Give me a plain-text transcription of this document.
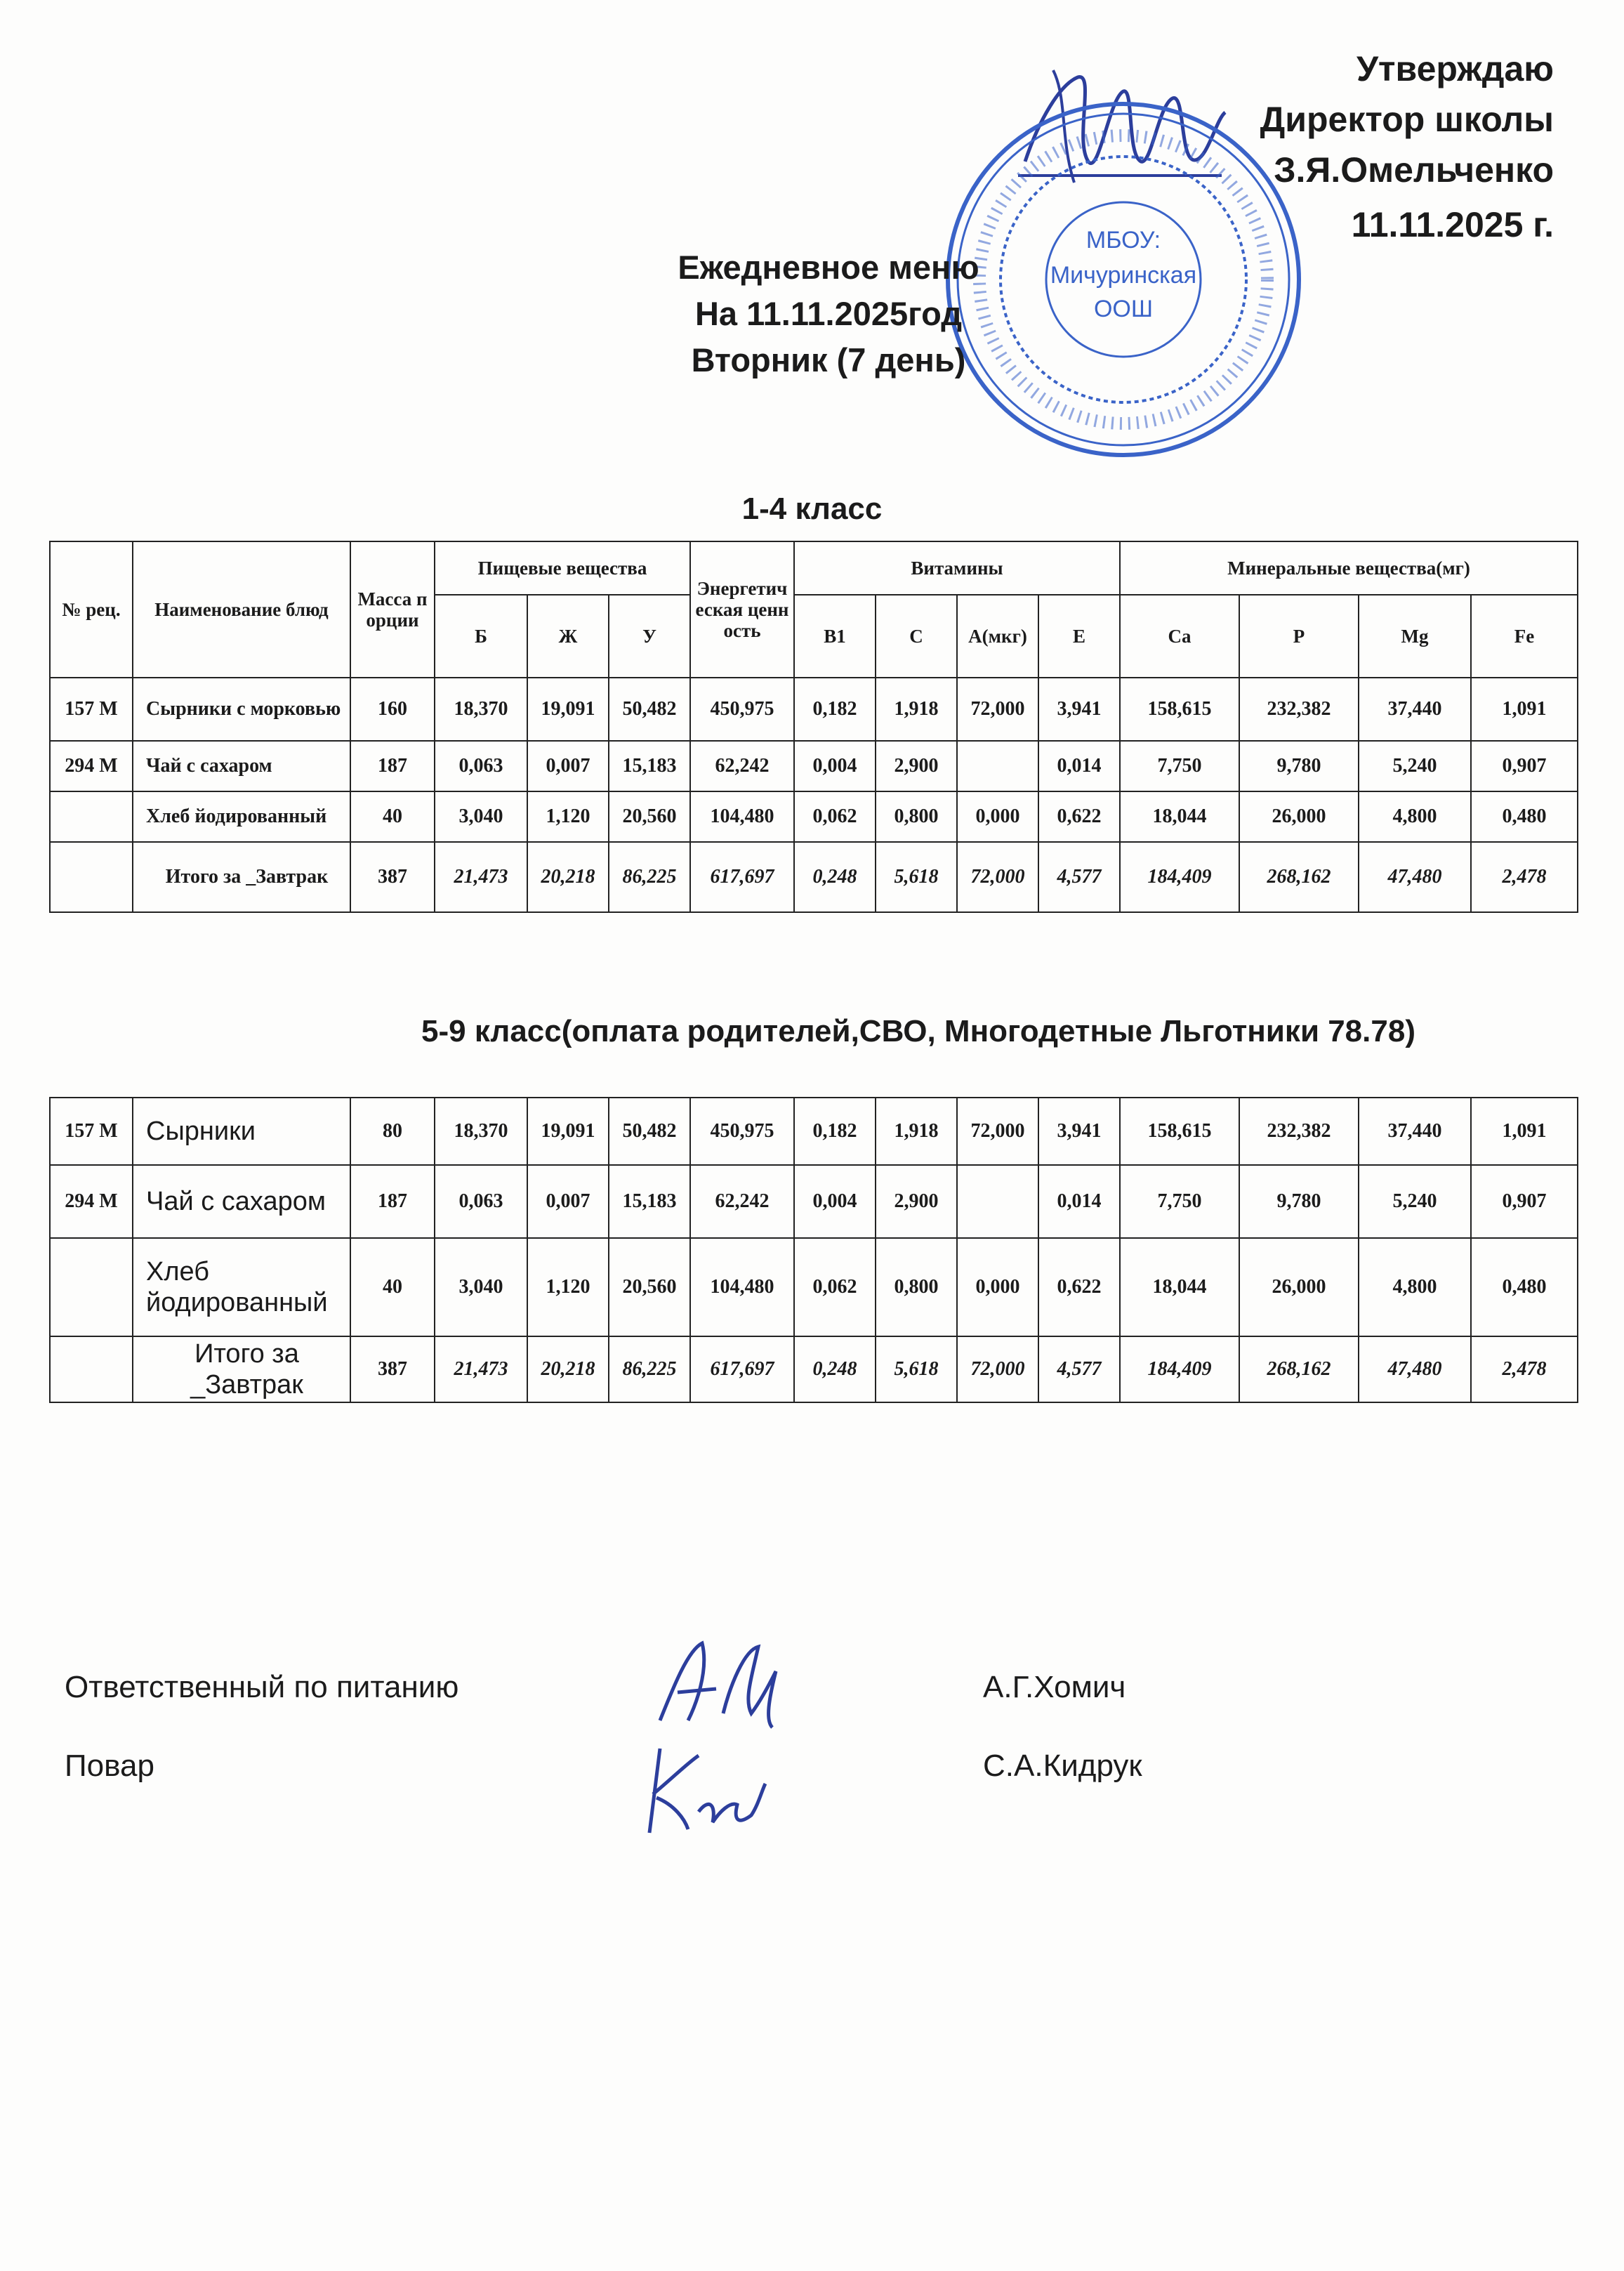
Утверждаю
Директор школы
З.Я.Омельченко
11.11.2025 г.
МБОУ:
Мичуринская
ООШ
Ежедневное меню
На 11.11.2025год
Вторник (7 день)
1-4 класс
№ рец.	Наименование блюд	Масса порции	Пищевые вещества			Энергетическая ценность	Витамины				Минеральные вещества(мг)			
			Б	Ж	У		B1	C	А(мкг)	E	Ca	P	Mg	Fe
157 М	Сырники с морковью	160	18,370	19,091	50,482	450,975	0,182	1,918	72,000	3,941	158,615	232,382	37,440	1,091
294 М	Чай с сахаром	187	0,063	0,007	15,183	62,242	0,004	2,900		0,014	7,750	9,780	5,240	0,907
	Хлеб йодированный	40	3,040	1,120	20,560	104,480	0,062	0,800	0,000	0,622	18,044	26,000	4,800	0,480
	Итого за _Завтрак	387	21,473	20,218	86,225	617,697	0,248	5,618	72,000	4,577	184,409	268,162	47,480	2,478
5-9 класс(оплата родителей,СВО, Многодетные Льготники 78.78)
157 М	Сырники	80	18,370	19,091	50,482	450,975	0,182	1,918	72,000	3,941	158,615	232,382	37,440	1,091
294 М	Чай с сахаром	187	0,063	0,007	15,183	62,242	0,004	2,900		0,014	7,750	9,780	5,240	0,907
	Хлеб йодированный	40	3,040	1,120	20,560	104,480	0,062	0,800	0,000	0,622	18,044	26,000	4,800	0,480
	Итого за _Завтрак	387	21,473	20,218	86,225	617,697	0,248	5,618	72,000	4,577	184,409	268,162	47,480	2,478
Ответственный по питанию	А.Г.Хомич
Повар	С.А.Кидрук
